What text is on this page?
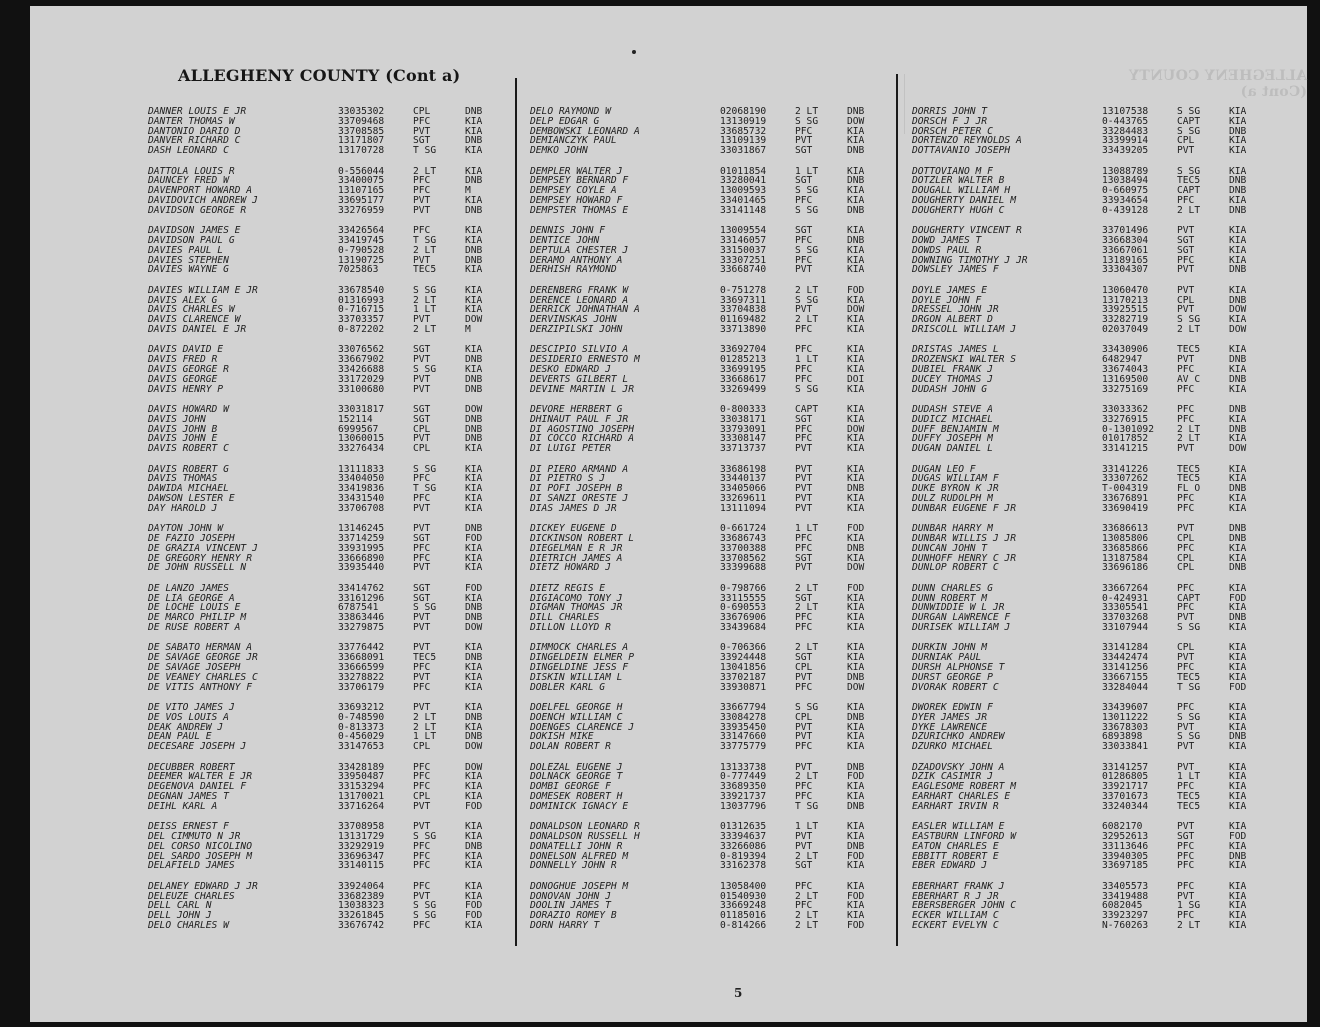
ALLEGHENY COUNTY (Cont a)	ALLEGHENY COUNTY (Cont a)
DANNER LOUIS E JR	33035302	CPL	DNB
DANTER THOMAS W	33709468	PFC	KIA
DANTONIO DARIO D	33708585	PVT	KIA
DANVER RICHARD C	13171807	SGT	DNB
DASH LEONARD C	13170728	T SG	KIA
DATTOLA LOUIS R	0-556044	2 LT	KIA
DAUNCEY FRED W	33400075	PFC	DNB
DAVENPORT HOWARD A	13107165	PFC	M
DAVIDOVICH ANDREW J	33695177	PVT	KIA
DAVIDSON GEORGE R	33276959	PVT	DNB
DAVIDSON JAMES E	33426564	PFC	KIA
DAVIDSON PAUL G	33419745	T SG	KIA
DAVIES PAUL L	0-790528	2 LT	DNB
DAVIES STEPHEN	13190725	PVT	DNB
DAVIES WAYNE G	7025863	TEC5	KIA
DAVIES WILLIAM E JR	33678540	S SG	KIA
DAVIS ALEX G	01316993	2 LT	KIA
DAVIS CHARLES W	0-716715	1 LT	KIA
DAVIS CLARENCE W	33703357	PVT	DOW
DAVIS DANIEL E JR	0-872202	2 LT	M
DAVIS DAVID E	33076562	SGT	KIA
DAVIS FRED R	33667902	PVT	DNB
DAVIS GEORGE R	33426688	S SG	KIA
DAVIS GEORGE	33172029	PVT	DNB
DAVIS HENRY P	33100680	PVT	DNB
DAVIS HOWARD W	33031817	SGT	DOW
DAVIS JOHN	152114	SGT	DNB
DAVIS JOHN B	6999567	CPL	DNB
DAVIS JOHN E	13060015	PVT	DNB
DAVIS ROBERT C	33276434	CPL	KIA
DAVIS ROBERT G	13111833	S SG	KIA
DAVIS THOMAS	33404050	PFC	KIA
DAWIDA MICHAEL	33419836	T SG	KIA
DAWSON LESTER E	33431540	PFC	KIA
DAY HAROLD J	33706708	PVT	KIA
DAYTON JOHN W	13146245	PVT	DNB
DE FAZIO JOSEPH	33714259	SGT	FOD
DE GRAZIA VINCENT J	33931995	PFC	KIA
DE GREGORY HENRY R	33666890	PFC	KIA
DE JOHN RUSSELL N	33935440	PVT	KIA
DE LANZO JAMES	33414762	SGT	FOD
DE LIA GEORGE A	33161296	SGT	KIA
DE LOCHE LOUIS E	6787541	S SG	DNB
DE MARCO PHILIP M	33863446	PVT	DNB
DE RUSE ROBERT A	33279875	PVT	DOW
DE SABATO HERMAN A	33776442	PVT	KIA
DE SAVAGE GEORGE JR	33668091	TEC5	DNB
DE SAVAGE JOSEPH	33666599	PFC	KIA
DE VEANEY CHARLES C	33278822	PVT	KIA
DE VITIS ANTHONY F	33706179	PFC	KIA
DE VITO JAMES J	33693212	PVT	KIA
DE VOS LOUIS A	0-748590	2 LT	DNB
DEAK ANDREW J	0-813373	2 LT	KIA
DEAN PAUL E	0-456029	1 LT	DNB
DECESARE JOSEPH J	33147653	CPL	DOW
DECUBBER ROBERT	33428189	PFC	DOW
DEEMER WALTER E JR	33950487	PFC	KIA
DEGENOVA DANIEL F	33153294	PFC	KIA
DEGNAN JAMES T	13170021	CPL	KIA
DEIHL KARL A	33716264	PVT	FOD
DEISS ERNEST F	33708958	PVT	KIA
DEL CIMMUTO N JR	13131729	S SG	KIA
DEL CORSO NICOLINO	33292919	PFC	DNB
DEL SARDO JOSEPH M	33696347	PFC	KIA
DELAFIELD JAMES	33140115	PFC	KIA
DELANEY EDWARD J JR	33924064	PFC	KIA
DELEUZE CHARLES	33682389	PVT	KIA
DELL CARL N	13038323	S SG	FOD
DELL JOHN J	33261845	S SG	FOD
DELO CHARLES W	33676742	PFC	KIA
DELO RAYMOND W	02068190	2 LT	DNB
DELP EDGAR G	13130919	S SG	DOW
DEMBOWSKI LEONARD A	33685732	PFC	KIA
DEMIANCZYK PAUL	13109139	PVT	KIA
DEMKO JOHN	33031867	SGT	DNB
DEMPLER WALTER J	01011854	1 LT	KIA
DEMPSEY BERNARD F	33280041	SGT	DNB
DEMPSEY COYLE A	13009593	S SG	KIA
DEMPSEY HOWARD F	33401465	PFC	KIA
DEMPSTER THOMAS E	33141148	S SG	DNB
DENNIS JOHN F	13009554	SGT	KIA
DENTICE JOHN	33146057	PFC	DNB
DEPTULA CHESTER J	33150037	S SG	KIA
DERAMO ANTHONY A	33307251	PFC	KIA
DERHISH RAYMOND	33668740	PVT	KIA
DERENBERG FRANK W	0-751278	2 LT	FOD
DERENCE LEONARD A	33697311	S SG	KIA
DERRICK JOHNATHAN A	33704838	PVT	DOW
DERVINSKAS JOHN	01169482	2 LT	KIA
DERZIPILSKI JOHN	33713890	PFC	KIA
DESCIPIO SILVIO A	33692704	PFC	KIA
DESIDERIO ERNESTO M	01285213	1 LT	KIA
DESKO EDWARD J	33699195	PFC	KIA
DEVERTS GILBERT L	33668617	PFC	DOI
DEVINE MARTIN L JR	33269499	S SG	KIA
DEVORE HERBERT G	0-800333	CAPT	KIA
DHINAUT PAUL F JR	33038171	SGT	KIA
DI AGOSTINO JOSEPH	33793091	PFC	DOW
DI COCCO RICHARD A	33308147	PFC	KIA
DI LUIGI PETER	33713737	PVT	KIA
DI PIERO ARMAND A	33686198	PVT	KIA
DI PIETRO S J	33440137	PVT	KIA
DI POFI JOSEPH B	33405066	PVT	DNB
DI SANZI ORESTE J	33269611	PVT	KIA
DIAS JAMES D JR	13111094	PVT	KIA
DICKEY EUGENE D	0-661724	1 LT	FOD
DICKINSON ROBERT L	33686743	PFC	KIA
DIEGELMAN E R JR	33700388	PFC	DNB
DIETRICH JAMES A	33708562	SGT	KIA
DIETZ HOWARD J	33399688	PVT	DOW
DIETZ REGIS E	0-798766	2 LT	FOD
DIGIACOMO TONY J	33115555	SGT	KIA
DIGMAN THOMAS JR	0-690553	2 LT	KIA
DILL CHARLES	33676906	PFC	KIA
DILLON LLOYD R	33439684	PFC	KIA
DIMMOCK CHARLES A	0-706366	2 LT	KIA
DINGELDEIN ELMER P	33924448	SGT	KIA
DINGELDINE JESS F	13041856	CPL	KIA
DISKIN WILLIAM L	33702187	PVT	DNB
DOBLER KARL G	33930871	PFC	DOW
DOELFEL GEORGE H	33667794	S SG	KIA
DOENCH WILLIAM C	33084278	CPL	DNB
DOENGES CLARENCE J	33935450	PVT	KIA
DOKISH MIKE	33147660	PVT	KIA
DOLAN ROBERT R	33775779	PFC	KIA
DOLEZAL EUGENE J	13133738	PVT	DNB
DOLNACK GEORGE T	0-777449	2 LT	FOD
DOMBI GEORGE F	33689350	PFC	KIA
DOMESEK ROBERT H	33921737	PFC	KIA
DOMINICK IGNACY E	13037796	T SG	DNB
DONALDSON LEONARD R	01312635	1 LT	KIA
DONALDSON RUSSELL H	33394637	PVT	KIA
DONATELLI JOHN R	33266086	PVT	DNB
DONELSON ALFRED M	0-819394	2 LT	FOD
DONNELLY JOHN R	33162378	SGT	KIA
DONOGHUE JOSEPH M	13058400	PFC	KIA
DONOVAN JOHN J	01540930	2 LT	FOD
DOOLIN JAMES T	33669248	PFC	KIA
DORAZIO ROMEY B	01185016	2 LT	KIA
DORN HARRY T	0-814266	2 LT	FOD
DORRIS JOHN T	13107538	S SG	KIA
DORSCH F J JR	0-443765	CAPT	KIA
DORSCH PETER C	33284483	S SG	DNB
DORTENZO REYNOLDS A	33399914	CPL	KIA
DOTTAVANIO JOSEPH	33439205	PVT	KIA
DOTTOVIANO M F	13088789	S SG	KIA
DOTZLER WALTER B	13038494	TEC5	DNB
DOUGALL WILLIAM H	0-660975	CAPT	DNB
DOUGHERTY DANIEL M	33934654	PFC	KIA
DOUGHERTY HUGH C	0-439128	2 LT	DNB
DOUGHERTY VINCENT R	33701496	PVT	KIA
DOWD JAMES T	33668304	SGT	KIA
DOWDS PAUL R	33667061	SGT	KIA
DOWNING TIMOTHY J JR	13189165	PFC	KIA
DOWSLEY JAMES F	33304307	PVT	DNB
DOYLE JAMES E	13060470	PVT	KIA
DOYLE JOHN F	13170213	CPL	DNB
DRESSEL JOHN JR	33925515	PVT	DOW
DRGON ALBERT D	33282719	S SG	KIA
DRISCOLL WILLIAM J	02037049	2 LT	DOW
DRISTAS JAMES L	33430906	TEC5	KIA
DROZENSKI WALTER S	6482947	PVT	DNB
DUBIEL FRANK J	33674043	PFC	KIA
DUCEY THOMAS J	13169500	AV C	DNB
DUDASH JOHN G	33275169	PFC	KIA
DUDASH STEVE A	33033362	PFC	DNB
DUDICZ MICHAEL	33276915	PFC	KIA
DUFF BENJAMIN M	0-1301092 2 LT	DNB
DUFFY JOSEPH M	01017852	2 LT	KIA
DUGAN DANIEL L	33141215	PVT	DOW
DUGAN LEO F	33141226	TEC5	KIA
DUGAS WILLIAM F	33307262	TEC5	KIA
DUKE BYRON K JR	T-004319	FL O	DNB
DULZ RUDOLPH M	33676891	PFC	KIA
DUNBAR EUGENE F JR	33690419	PFC	KIA
DUNBAR HARRY M	33686613	PVT	DNB
DUNBAR WILLIS J JR	13085806	CPL	DNB
DUNCAN JOHN T	33685866	PFC	KIA
DUNHOFF HENRY C JR	13187584	CPL	KIA
DUNLOP ROBERT C	33696186	CPL	DNB
DUNN CHARLES G	33667264	PFC	KIA
DUNN ROBERT M	0-424931	CAPT	FOD
DUNWIDDIE W L JR	33305541	PFC	KIA
DURGAN LAWRENCE F	33703268	PVT	DNB
DURISEK WILLIAM J	33107944	S SG	KIA
DURKIN JOHN M	33141284	CPL	KIA
DURNIAK PAUL	33442474	PVT	KIA
DURSH ALPHONSE T	33141256	PFC	KIA
DURST GEORGE P	33667155	TEC5	KIA
DVORAK ROBERT C	33284044	T SG	FOD
DWOREK EDWIN F	33439607	PFC	KIA
DYER JAMES JR	13011222	S SG	KIA
DYKE LAWRENCE	33678303	PVT	KIA
DZURICHKO ANDREW	6893898	S SG	DNB
DZURKO MICHAEL	33033841	PVT	KIA
DZADOVSKY JOHN A	33141257	PVT	KIA
DZIK CASIMIR J	01286805	1 LT	KIA
EAGLESOME ROBERT M	33921717	PFC	KIA
EARHART CHARLES E	33701673	TEC5	KIA
EARHART IRVIN R	33240344	TEC5	KIA
EASLER WILLIAM E	6082170	PVT	KIA
EASTBURN LINFORD W	32952613	SGT	FOD
EATON CHARLES E	33113646	PFC	KIA
EBBITT ROBERT E	33940305	PFC	DNB
EBER EDWARD J	33697185	PFC	KIA
EBERHART FRANK J	33405573	PFC	KIA
EBERHART R J JR	33419488	PVT	KIA
EBERSBERGER JOHN C	6082045	1 SG	KIA
ECKER WILLIAM C	33923297	PFC	KIA
ECKERT EVELYN C	N-760263	2 LT	KIA
5
